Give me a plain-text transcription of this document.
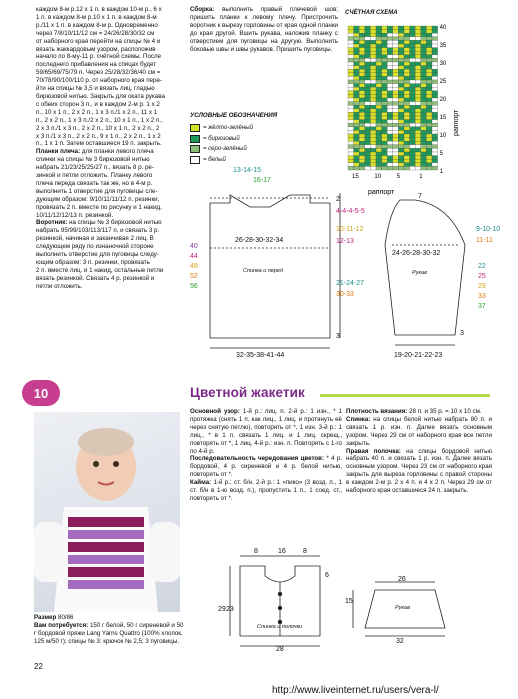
каждом 8-м р.12 x 1 п. в каждом 10-м р., 6 x
1 п. в каждом 8-м р.10 x 1 п. в каждом 8-м
р./11 x 1 п. в каждом 8-м р. Одновременно
через 7/8/10/11/12 см = 24/26/28/30/32 см
от наборного края перейти на спицы № 4 и
вязать жаккардовым узором, расположив
начало по 8-му-11 р. счётной схемы. После
последнего прибавления на спицах будет
59/65/69/75/79 п. Через 25/28/32/36/40 см =
70/78/90/100/110 р. от наборного края пере-
йти на спицы № 3,5 и вязать лиц. гладью
бирюзовой нитью. Закрыть для оката рукава
с обеих сторон 3 п., и в каждом 2-м р. 1 x 2
п., 10 x 1 п., 2 x 2 п., 1 x 3 п./1 x 2 п., 11 x 1
п., 2 x 2 п., 1 x 3 п./2 x 2 п., 10 x 1 п., 1 x 2 п.,
2 x 3 п./1 x 3 п., 2 x 2 п., 10 x 1 п., 2 x 2 п., 2
x 3 п./1 x 3 п., 2 x 2 п., 9 x 1 п., 2 x 2 п., 1 x 2
п., 1 x 1 п. Затем оставшиеся 19 п. закрыть.
Планки плеча: для планки левого плеча
спинки на спицы № 3 бирюзовой нитью
набрать 21/23/25/25/27 п., вязать 8 р. ре-
зинкой и петли отложить. Планку левого
плеча переда связать так же, но в 4-м р.
выполнить 1 отверстие для пуговицы сле-
дующим образом: 9/10/11/11/12 п. резинки,
провязать 2 п. вместе по рисунку и 1 накид,
10/11/12/12/13 п. резинкой.
Воротник: на спицы № 3 бирюзовой нитью
набрать 95/99/103/113/117 п. и связать 3 р.
резинкой, начиная и заканчивая 2 лиц. В
следующем ряду по изнаночной стороне
выполнить отверстие для пуговицы следу-
ющим образом: 3 п. резинки, провязать
2 п. вместе лиц. и 1 накид, остальные петли
вязать резинкой. Связать 4 р. резинкой и
петли отложить.

Сборка: выполнить правый плечевой шов; пришить планки к левому плечу. Пристрочить воротник к вырезу горловины от края одной планки до края другой. Вшить рукава, наложив планку с отверстием для пуговицы на другую. Выполнить боковые швы и швы рукавов. Пришить пуговицы.

СЧЁТНАЯ СХЕМА
40
35
30
25
20
15
10
5
1
15	10	5	1
раппорт
раппорт
УСЛОВНЫЕ ОБОЗНАЧЕНИЯ
= жёлто-зелёный
= бирюзовый
= серо-зелёный
= белый
13-14-15
16-17
2
4-4-4-5-5
10-11-12
12-13
21-24-27
30-33
3
26-28-30-32-34
40
44
48
52
56
Спинка и перед
32-35-38-41-44
7
9-10-10
11-11
24-26-28-30-32
22
25
29
33
37
3
Рукав
19-20-21-22-23
10	Цветной жакетик

Размер 80/86

Вам потребуется: 150 г белой, 50 г сиреневой и 50 г бордовой пряжи Lang Yarns Quattro (100% хлопок, 125 м/50 г); спицы № 3; крючок № 2,5; 3 пуговицы.

Основной узор: 1-й р.: лиц. п. 2-й р.: 1 изн., * 1 протяжка (снять 1 п. как лиц., 1 лиц. и протянуть её через снятую петлю), повторять от *, 1 изн. 3-й р.: 1 лиц., * в 1 п. связать 1 лиц. и 1 лиц. скрещ., повторять от *, 1 лиц. 4-й р.: изн. п. Повторять с 1-го по 4-й р.

Последовательность чередования цветов: * 4 р. бордовой, 4 р. сиреневой и 4 р. белой нитью, повторять от *.

Кайма: 1-й р.: ст. б/н. 2-й р.: 1 «пико» (3 возд. п., 1 ст. б/н в 1-ю возд. п.), пропустить 1 п., 1 соед. ст., повторять от *.

Плотность вязания: 28 п. и 35 р. = 10 x 10 см.

Спинка: на спицы белой нитью набрать 80 п. и связать 1 р. изн. п. Далее вязать основным узором. Через 29 см от наборного края все петли закрыть.

Правая полочка: на спицы бордовой нитью набрать 40 п. и связать 1 р. изн. п. Далее вязать основным узором. Через 23 см от наборного края закрыть для выреза горловины с правой стороны в каждом 2-м р. 2 x 4 п. и 4 x 2 п. Через 29 см от наборного края оставшиеся 24 п. закрыть.

8	16 8
6
23
29
Спинка и полочки
28
26
15
Рукав
32
22
http://www.liveinternet.ru/users/vera-l/
